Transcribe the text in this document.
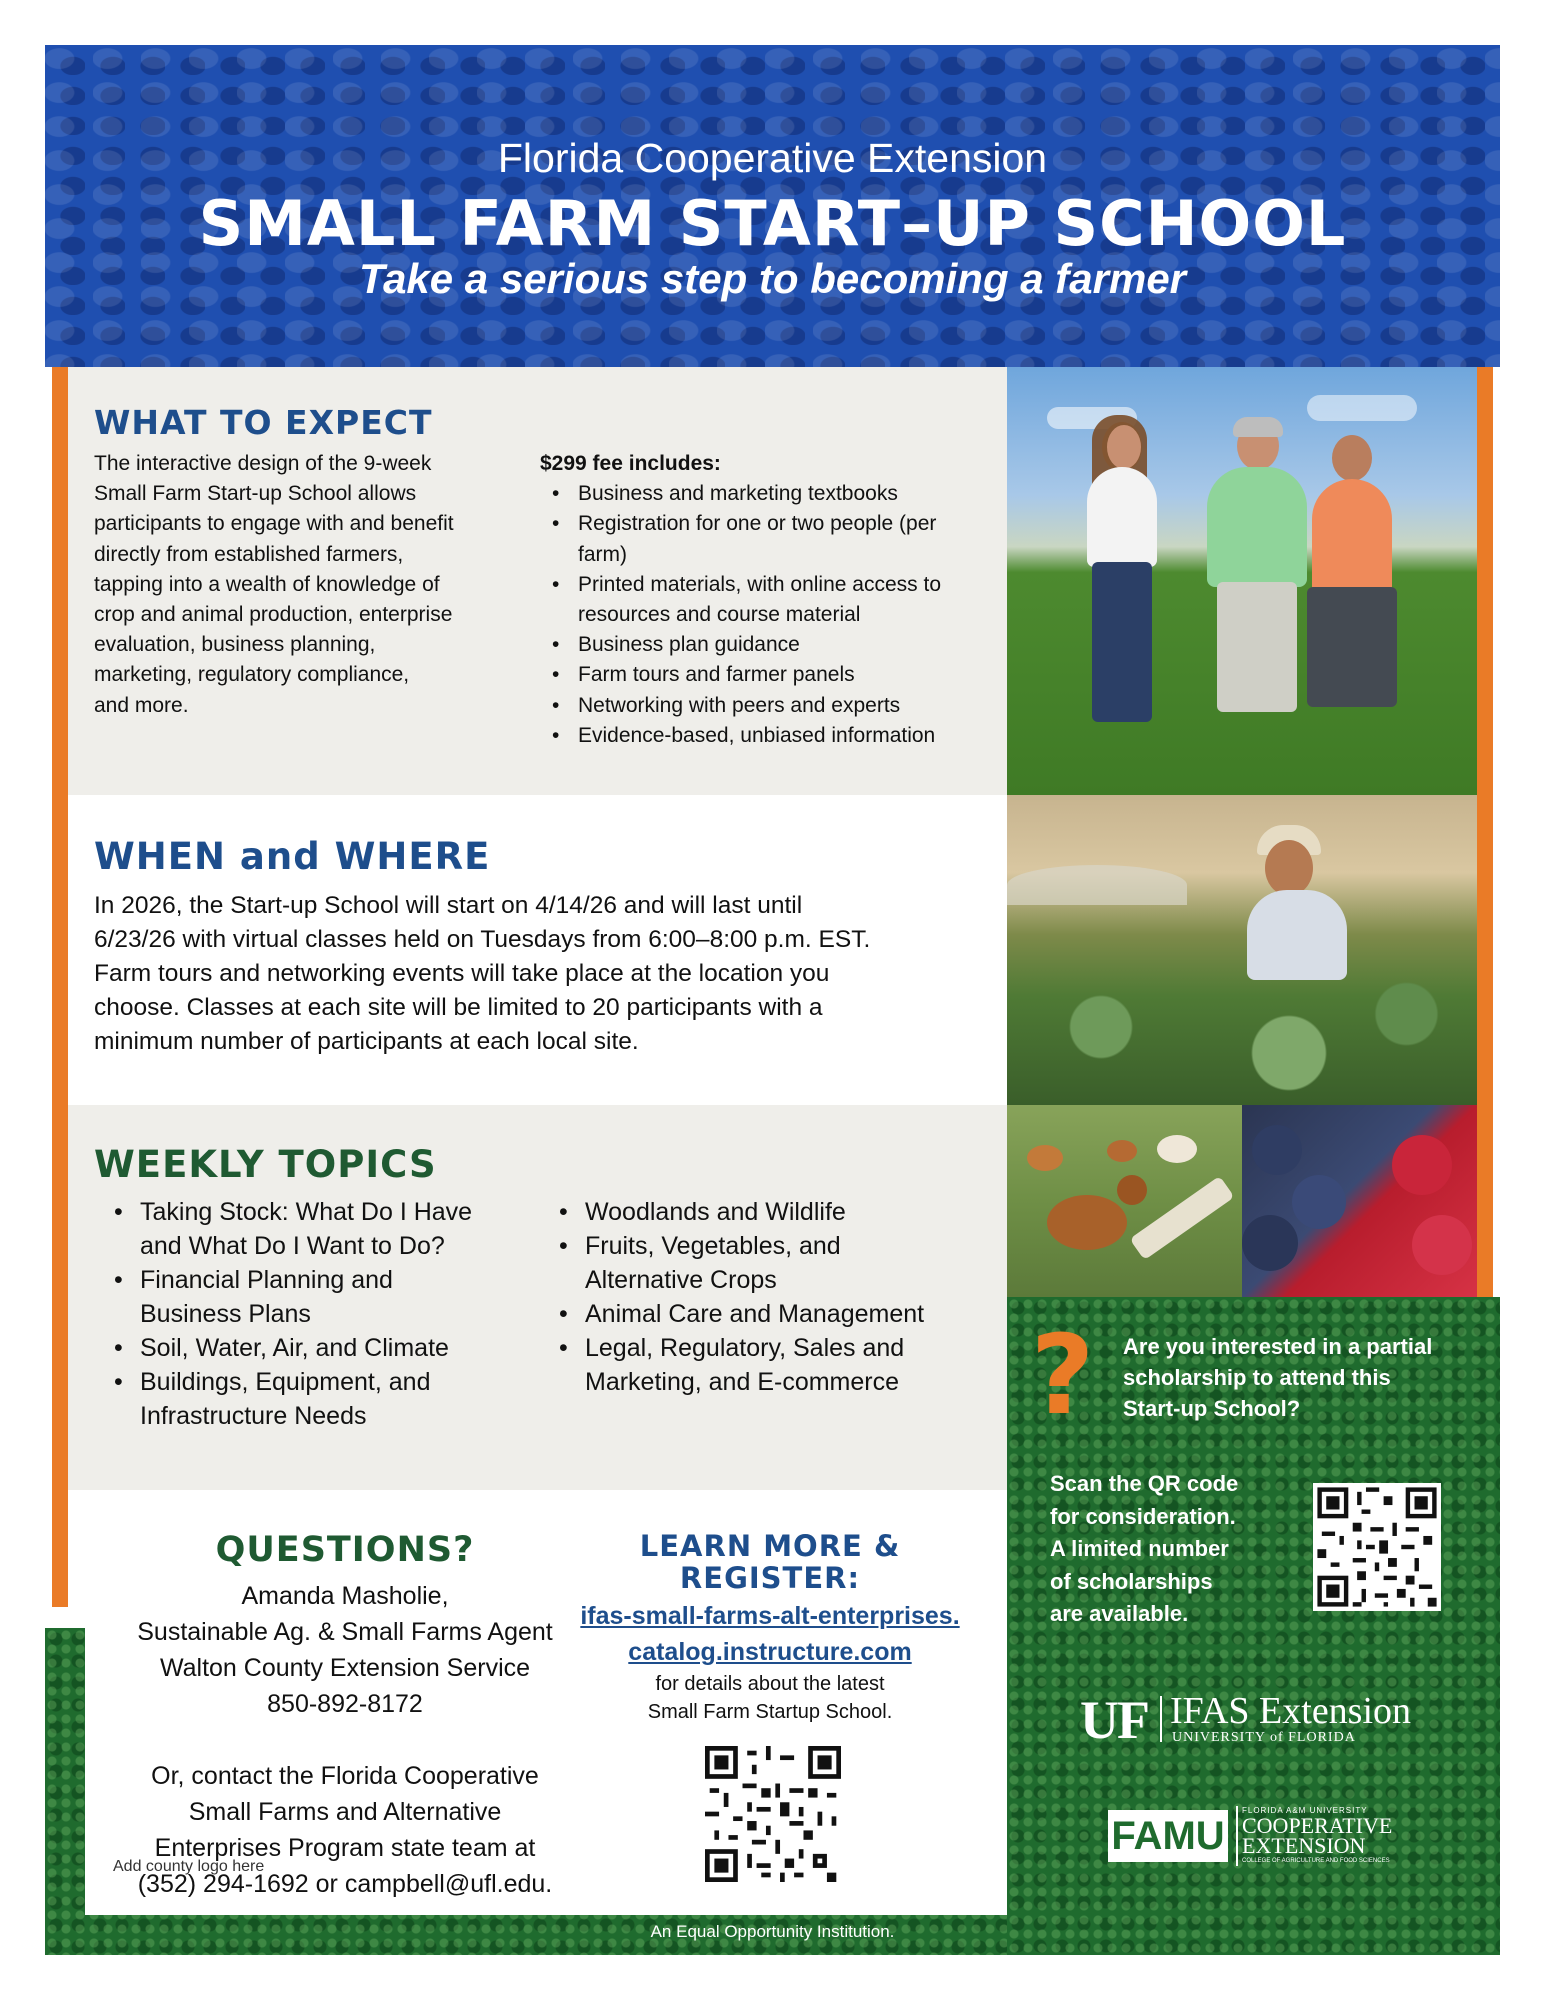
Florida Cooperative Extension
SMALL FARM START–UP SCHOOL
Take a serious step to becoming a farmer
WHAT TO EXPECT
The interactive design of the 9-week
Small Farm Start-up School allows
participants to engage with and benefit
directly from established farmers,
tapping into a wealth of knowledge of
crop and animal production, enterprise
evaluation, business planning,
marketing, regulatory compliance,
and more.
$299 fee includes:
• Business and marketing textbooks
• Registration for one or two people (per farm)
• Printed materials, with online access to resources and course material
• Business plan guidance
• Farm tours and farmer panels
• Networking with peers and experts
• Evidence-based, unbiased information
WHEN and WHERE
In 2026, the Start-up School will start on 4/14/26 and will last until
6/23/26 with virtual classes held on Tuesdays from 6:00–8:00 p.m. EST.
Farm tours and networking events will take place at the location you
choose. Classes at each site will be limited to 20 participants with a
minimum number of participants at each local site.
WEEKLY TOPICS
• Taking Stock: What Do I Have and What Do I Want to Do?
• Financial Planning and Business Plans
• Soil, Water, Air, and Climate
• Buildings, Equipment, and Infrastructure Needs
• Woodlands and Wildlife
• Fruits, Vegetables, and Alternative Crops
• Animal Care and Management
• Legal, Regulatory, Sales and Marketing, and E-commerce
QUESTIONS?
Amanda Masholie,
Sustainable Ag. & Small Farms Agent
Walton County Extension Service
850-892-8172
Or, contact the Florida Cooperative
Small Farms and Alternative
Enterprises Program state team at
(352) 294-1692 or campbell@ufl.edu.
Add county logo here
LEARN MORE &
REGISTER:
ifas-small-farms-alt-enterprises.
catalog.instructure.com
for details about the latest
Small Farm Startup School.
?	Are you interested in a partial
scholarship to attend this
Start-up School?
Scan the QR code
for consideration.
A limited number
of scholarships
are available.
UF IFAS Extension
UNIVERSITY of FLORIDA
FAMU
FLORIDA A&M UNIVERSITY
COOPERATIVE
EXTENSION
COLLEGE OF AGRICULTURE AND FOOD SCIENCES
An Equal Opportunity Institution.
